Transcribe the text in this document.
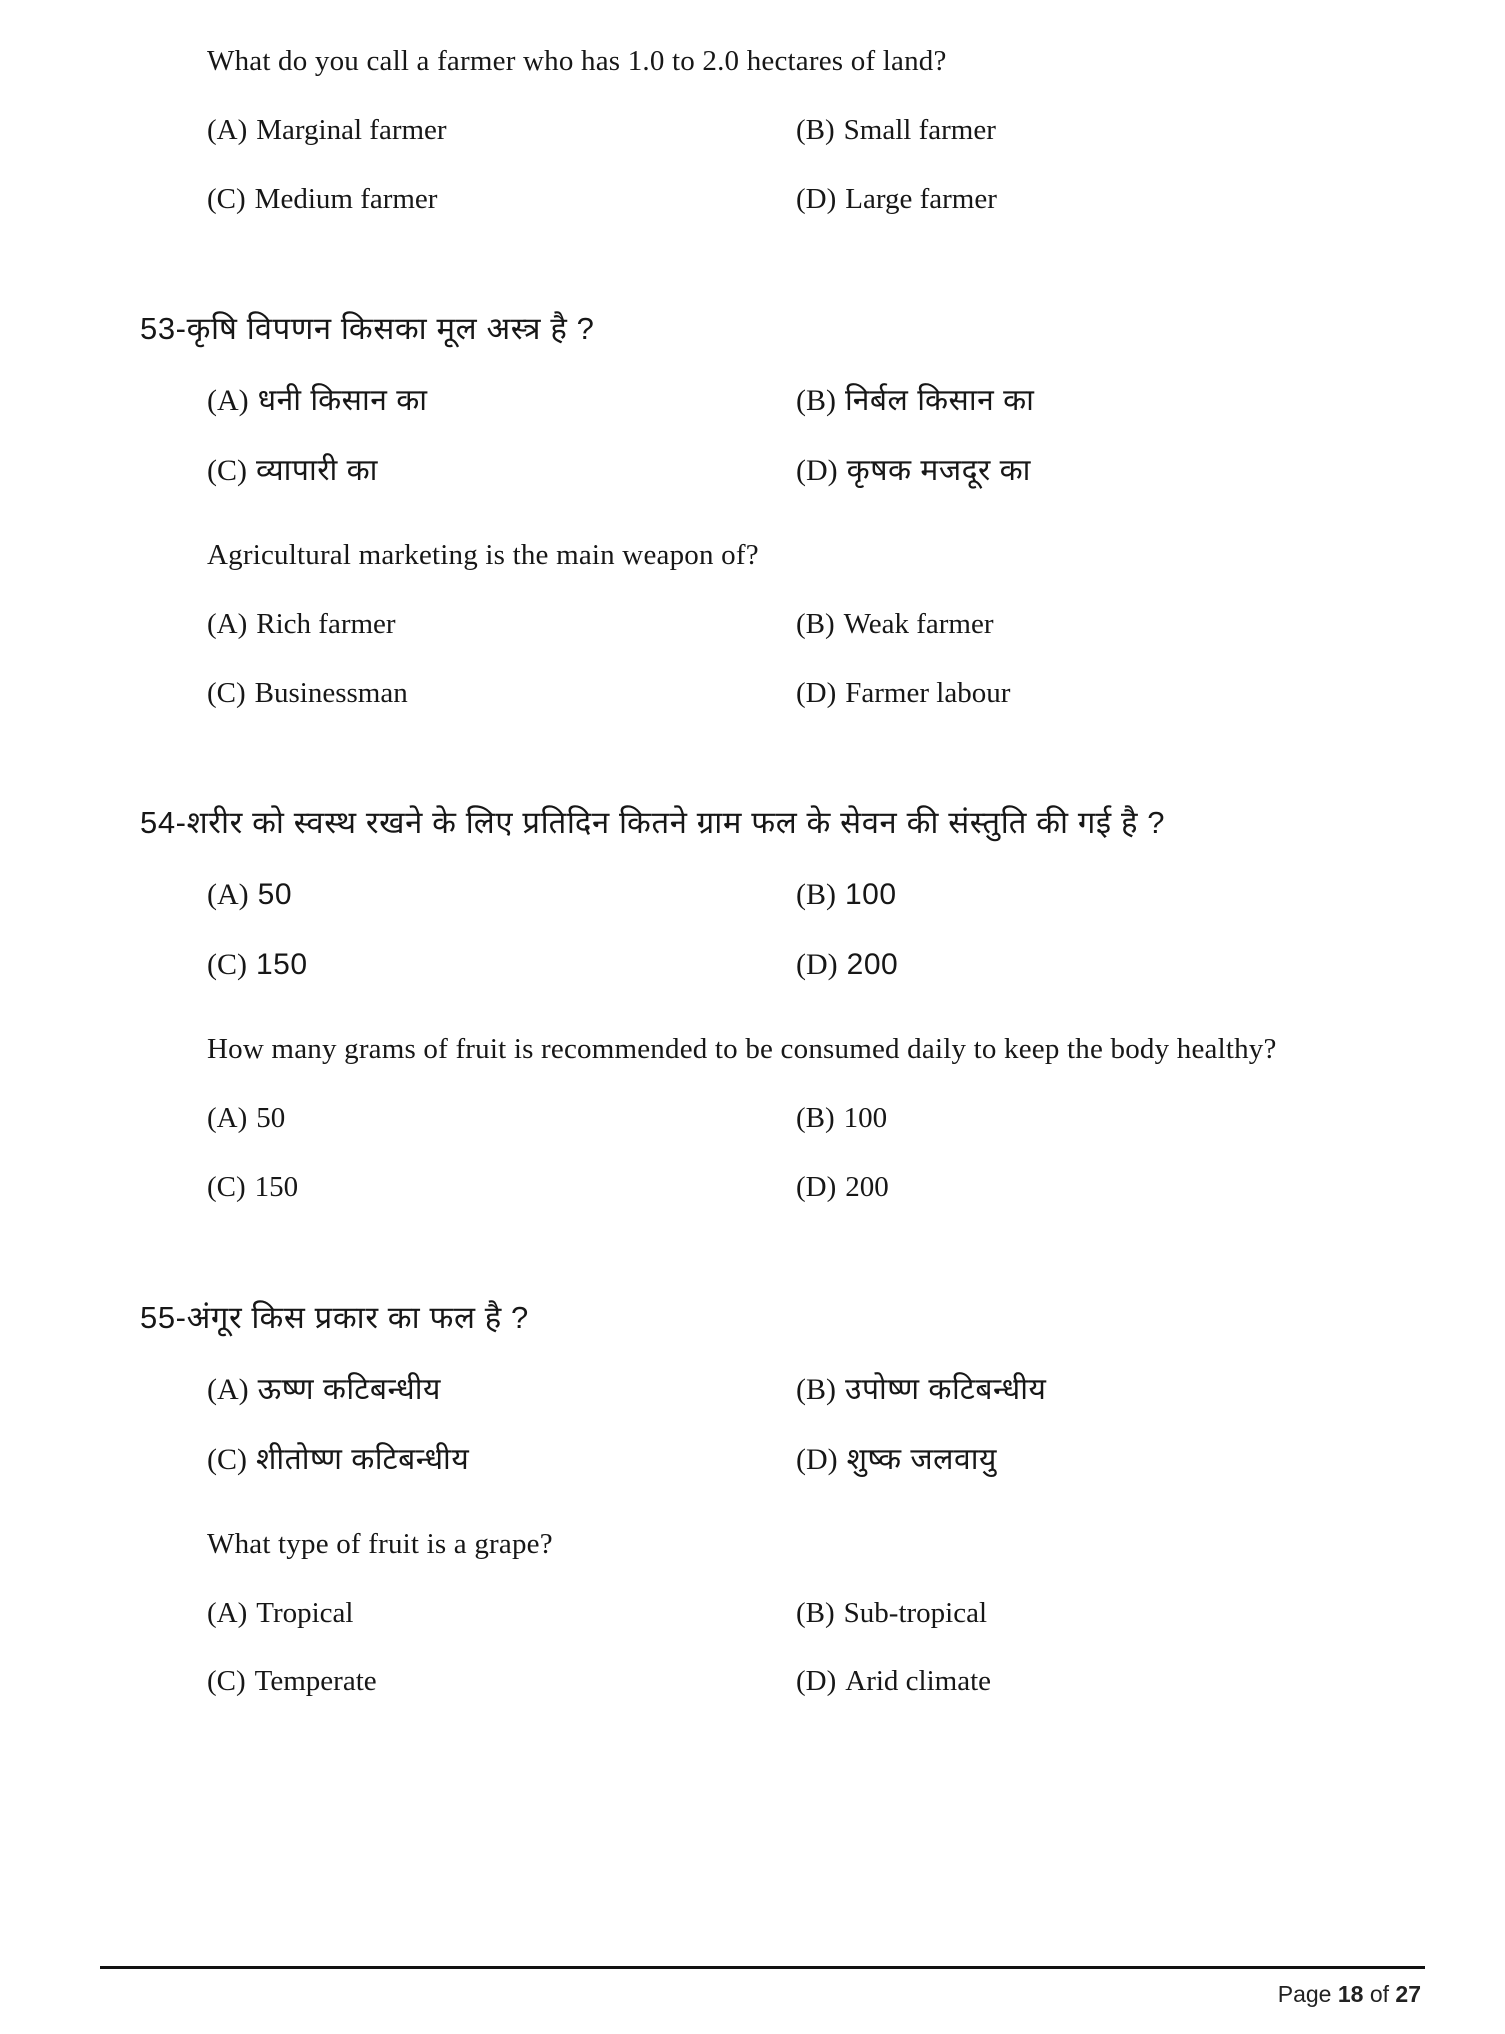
What do you call a farmer who has 1.0 to 2.0 hectares of land?
(A) Marginal farmer	(B) Small farmer
(C) Medium farmer	(D) Large farmer
53-कृषि विपणन किसका मूल अस्त्र है ?
(A) धनी किसान का	(B) निर्बल किसान का
(C) व्यापारी का	(D) कृषक मजदूर का
Agricultural marketing is the main weapon of?
(A) Rich farmer	(B) Weak farmer
(C) Businessman	(D) Farmer labour
54-शरीर को स्वस्थ रखने के लिए प्रतिदिन कितने ग्राम फल के सेवन की संस्तुति की गई है ?
(A) 50	(B) 100
(C) 150	(D) 200
How many grams of fruit is recommended to be consumed daily to keep the body healthy?
(A) 50	(B) 100
(C) 150	(D) 200
55-अंगूर किस प्रकार का फल है ?
(A) ऊष्ण कटिबन्धीय	(B) उपोष्ण कटिबन्धीय
(C) शीतोष्ण कटिबन्धीय	(D) शुष्क जलवायु
What type of fruit is a grape?
(A) Tropical	(B) Sub-tropical
(C) Temperate	(D) Arid climate
Page 18 of 27
